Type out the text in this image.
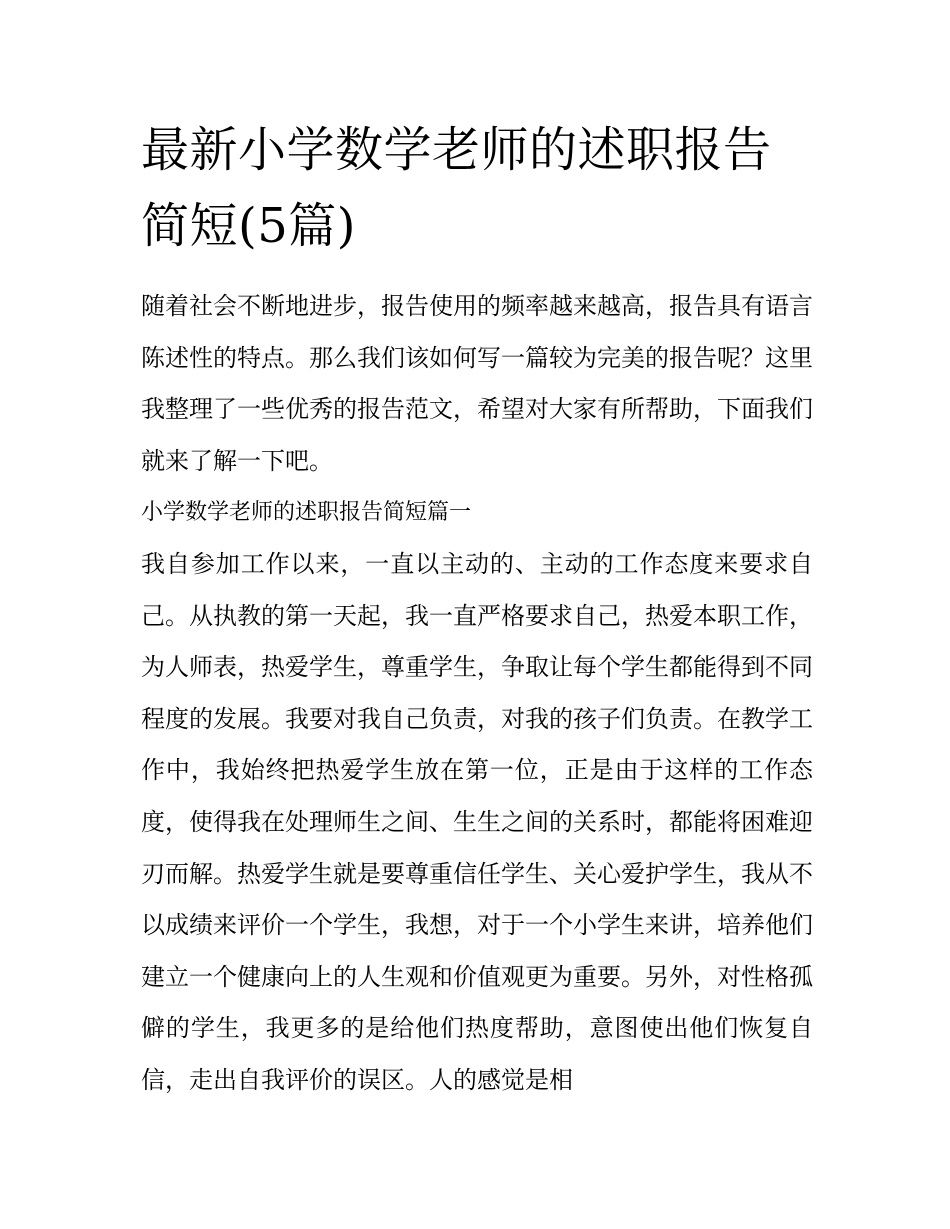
最新小学数学老师的述职报告简短(5篇)

随着社会不断地进步，报告使用的频率越来越高，报告具有语言陈述性的特点。那么我们该如何写一篇较为完美的报告呢？这里我整理了一些优秀的报告范文，希望对大家有所帮助，下面我们就来了解一下吧。

小学数学老师的述职报告简短篇一

我自参加工作以来，一直以主动的、主动的工作态度来要求自己。从执教的第一天起，我一直严格要求自己，热爱本职工作，为人师表，热爱学生，尊重学生，争取让每个学生都能得到不同程度的发展。我要对我自己负责，对我的孩子们负责。在教学工作中，我始终把热爱学生放在第一位，正是由于这样的工作态度，使得我在处理师生之间、生生之间的关系时，都能将困难迎刃而解。热爱学生就是要尊重信任学生、关心爱护学生，我从不以成绩来评价一个学生，我想，对于一个小学生来讲，培养他们建立一个健康向上的人生观和价值观更为重要。另外，对性格孤僻的学生，我更多的是给他们热度帮助，意图使出他们恢复自信，走出自我评价的误区。人的感觉是相
